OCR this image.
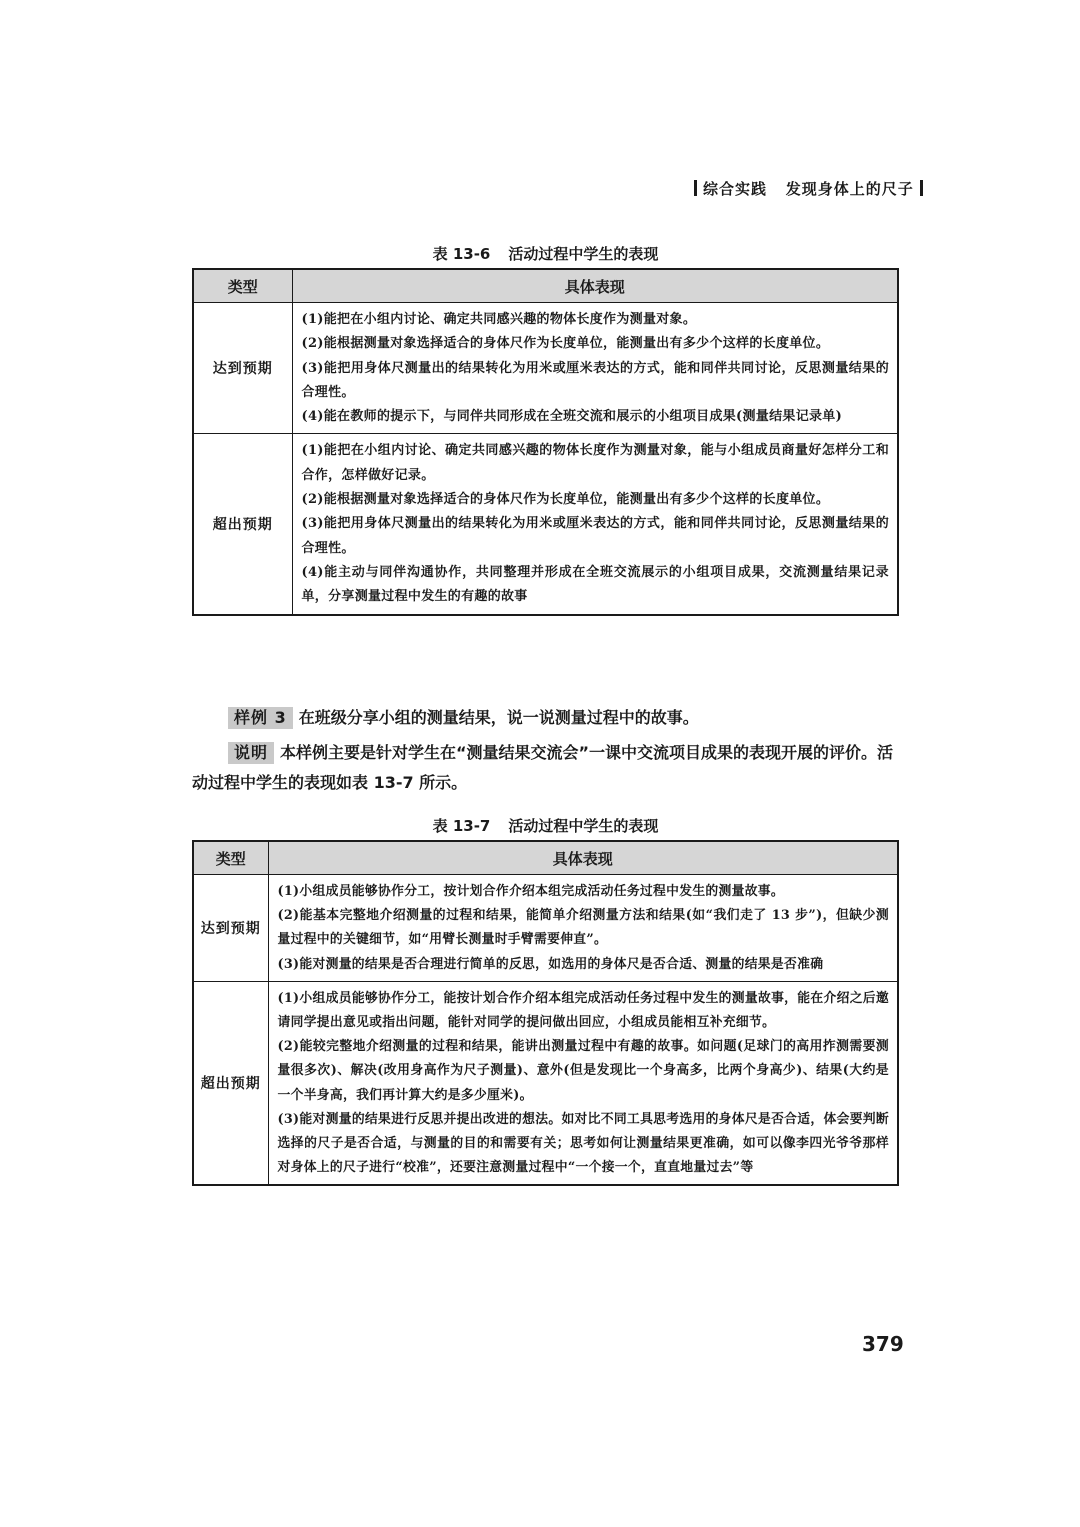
综合实践 发现身体上的尺子
表 13-6 活动过程中学生的表现
类型	具体表现
达到预期	(1)能把在小组内讨论、确定共同感兴趣的物体长度作为测量对象。

(2)能根据测量对象选择适合的身体尺作为长度单位，能测量出有多少个这样的长度单位。

(3)能把用身体尺测量出的结果转化为用米或厘米表达的方式，能和同伴共同讨论，反思测量结果的合理性。

(4)能在教师的提示下，与同伴共同形成在全班交流和展示的小组项目成果(测量结果记录单)

超出预期	(1)能把在小组内讨论、确定共同感兴趣的物体长度作为测量对象，能与小组成员商量好怎样分工和合作，怎样做好记录。

(2)能根据测量对象选择适合的身体尺作为长度单位，能测量出有多少个这样的长度单位。

(3)能把用身体尺测量出的结果转化为用米或厘米表达的方式，能和同伴共同讨论，反思测量结果的合理性。

(4)能主动与同伴沟通协作，共同整理并形成在全班交流展示的小组项目成果，交流测量结果记录单，分享测量过程中发生的有趣的故事

样例 3 在班级分享小组的测量结果，说一说测量过程中的故事。
说明 本样例主要是针对学生在“测量结果交流会”一课中交流项目成果的表现开展的评价。活动过程中学生的表现如表 13-7 所示。
表 13-7 活动过程中学生的表现
类型	具体表现
达到预期	(1)小组成员能够协作分工，按计划合作介绍本组完成活动任务过程中发生的测量故事。

(2)能基本完整地介绍测量的过程和结果，能简单介绍测量方法和结果(如“我们走了 13 步”)，但缺少测量过程中的关键细节，如“用臂长测量时手臂需要伸直”。

(3)能对测量的结果是否合理进行简单的反思，如选用的身体尺是否合适、测量的结果是否准确

超出预期	(1)小组成员能够协作分工，能按计划合作介绍本组完成活动任务过程中发生的测量故事，能在介绍之后邀请同学提出意见或指出问题，能针对同学的提问做出回应，小组成员能相互补充细节。

(2)能较完整地介绍测量的过程和结果，能讲出测量过程中有趣的故事。如问题(足球门的高用拃测需要测量很多次)、解决(改用身高作为尺子测量)、意外(但是发现比一个身高多，比两个身高少)、结果(大约是一个半身高，我们再计算大约是多少厘米)。

(3)能对测量的结果进行反思并提出改进的想法。如对比不同工具思考选用的身体尺是否合适，体会要判断选择的尺子是否合适，与测量的目的和需要有关；思考如何让测量结果更准确，如可以像李四光爷爷那样对身体上的尺子进行“校准”，还要注意测量过程中“一个接一个，直直地量过去”等

379
